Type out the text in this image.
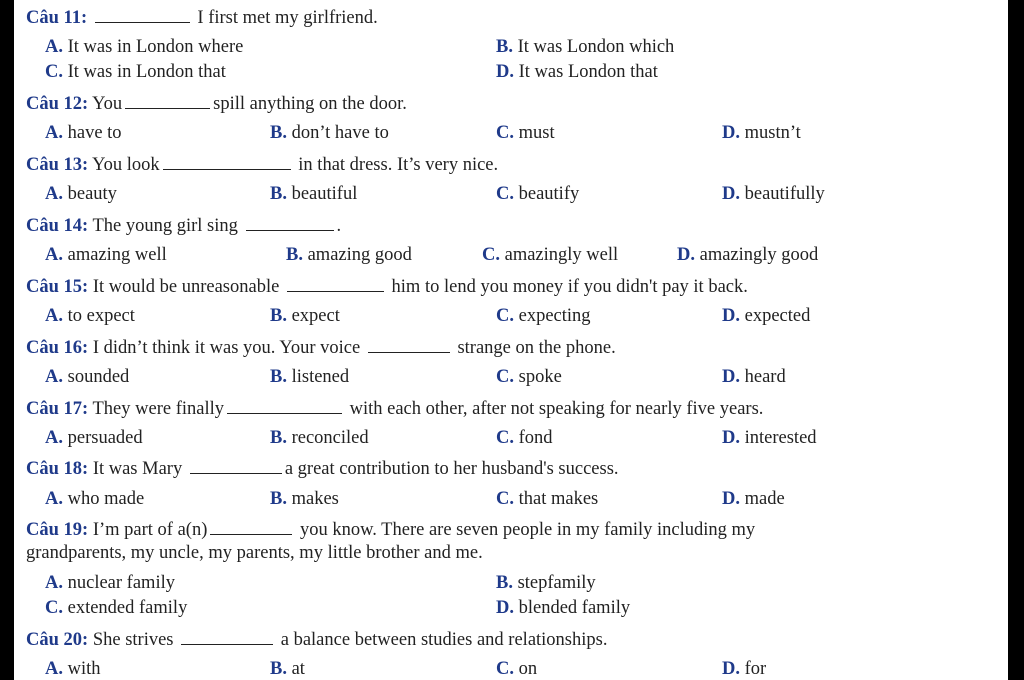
Câu 11:	I first met my girlfriend.
A. It was in London where	B. It was London which
C. It was in London that	D. It was London that
Câu 12: You	spill anything on the door.
A. have to	B. don’t have to	C. must	D. mustn’t
Câu 13: You look	in that dress. It’s very nice.
A. beauty	B. beautiful	C. beautify	D. beautifully
Câu 14: The young girl sing	.
A. amazing well	B. amazing good	C. amazingly well	D. amazingly good
Câu 15: It would be unreasonable	him to lend you money if you didn't pay it back.
A. to expect	B. expect	C. expecting	D. expected
Câu 16: I didn’t think it was you. Your voice	strange on the phone.
A. sounded	B. listened	C. spoke	D. heard
Câu 17: They were finally	with each other, after not speaking for nearly five years.
A. persuaded	B. reconciled	C. fond	D. interested
Câu 18: It was Mary	a great contribution to her husband's success.
A. who made	B. makes	C. that makes	D. made
Câu 19: I’m part of a(n)	you know. There are seven people in my family including my
grandparents, my uncle, my parents, my little brother and me.
A. nuclear family	B. stepfamily
C. extended family	D. blended family
Câu 20: She strives	a balance between studies and relationships.
A. with	B. at	C. on	D. for
